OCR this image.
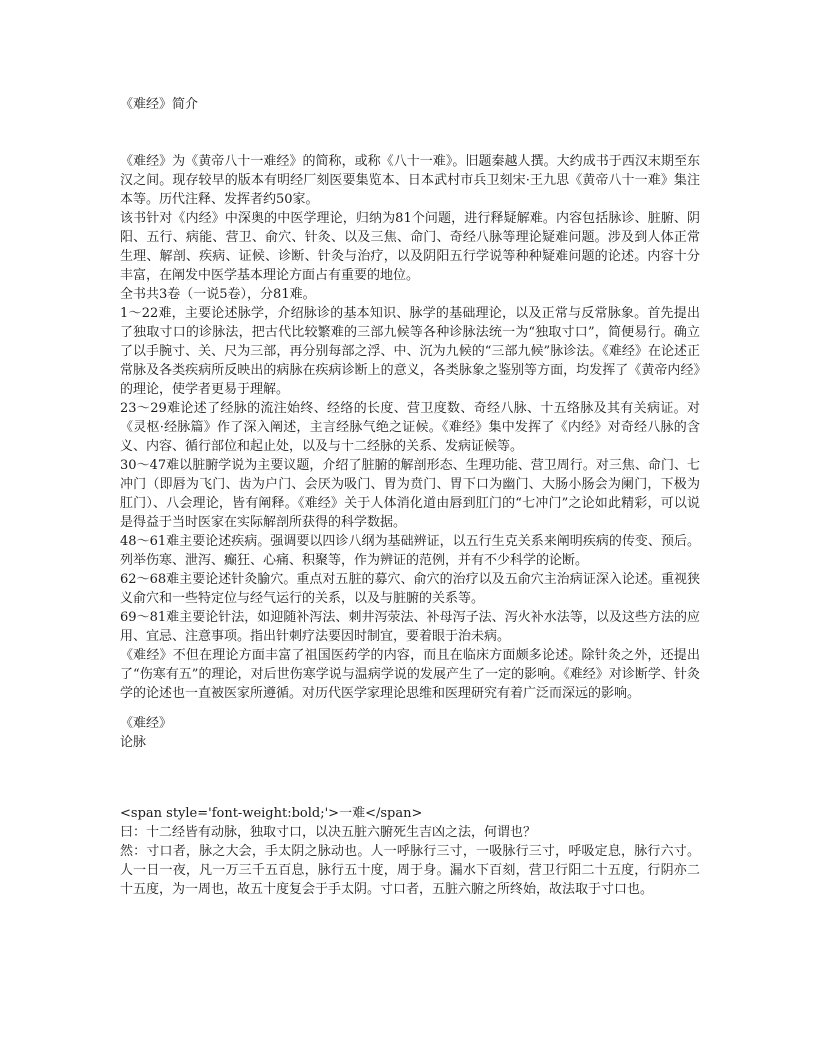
《难经》简介

《难经》为《黄帝八十一难经》的简称，或称《八十一难》。旧题秦越人撰。大约成书于西汉末期至东汉之间。现存较早的版本有明经厂刻医要集览本、日本武村市兵卫刻宋·王九思《黄帝八十一难》集注本等。历代注释、发挥者约50家。

该书针对《内经》中深奥的中医学理论，归纳为81个问题，进行释疑解难。内容包括脉诊、脏腑、阴阳、五行、病能、营卫、俞穴、针灸、以及三焦、命门、奇经八脉等理论疑难问题。涉及到人体正常生理、解剖、疾病、证候、诊断、针灸与治疗，以及阴阳五行学说等种种疑难问题的论述。内容十分丰富，在阐发中医学基本理论方面占有重要的地位。

全书共3卷（一说5卷），分81难。

1～22难，主要论述脉学，介绍脉诊的基本知识、脉学的基础理论，以及正常与反常脉象。首先提出了独取寸口的诊脉法，把古代比较繁难的三部九候等各种诊脉法统一为“独取寸口”，简便易行。确立了以手腕寸、关、尺为三部，再分别每部之浮、中、沉为九候的“三部九候”脉诊法。《难经》在论述正常脉及各类疾病所反映出的病脉在疾病诊断上的意义，各类脉象之鉴别等方面，均发挥了《黄帝内经》的理论，使学者更易于理解。

23～29难论述了经脉的流注始终、经络的长度、营卫度数、奇经八脉、十五络脉及其有关病证。对《灵枢·经脉篇》作了深入阐述，主言经脉气绝之证候。《难经》集中发挥了《内经》对奇经八脉的含义、内容、循行部位和起止处，以及与十二经脉的关系、发病证候等。

30～47难以脏腑学说为主要议题，介绍了脏腑的解剖形态、生理功能、营卫周行。对三焦、命门、七冲门（即唇为飞门、齿为户门、会厌为吸门、胃为贲门、胃下口为幽门、大肠小肠会为阑门，下极为肛门）、八会理论，皆有阐释。《难经》关于人体消化道由唇到肛门的“七冲门”之论如此精彩，可以说是得益于当时医家在实际解剖所获得的科学数据。

48～61难主要论述疾病。强调要以四诊八纲为基础辨证，以五行生克关系来阐明疾病的传变、预后。列举伤寒、泄泻、癫狂、心痛、积聚等，作为辨证的范例，并有不少科学的论断。

62～68难主要论述针灸腧穴。重点对五脏的募穴、俞穴的治疗以及五俞穴主治病证深入论述。重视狭义俞穴和一些特定位与经气运行的关系，以及与脏腑的关系等。

69～81难主要论针法，如迎随补泻法、刺井泻荥法、补母泻子法、泻火补水法等，以及这些方法的应用、宜忌、注意事项。指出针刺疗法要因时制宜，要着眼于治未病。

《难经》不但在理论方面丰富了祖国医药学的内容，而且在临床方面颇多论述。除针灸之外，还提出了“伤寒有五”的理论，对后世伤寒学说与温病学说的发展产生了一定的影响。《难经》对诊断学、针灸学的论述也一直被医家所遵循。对历代医学家理论思维和医理研究有着广泛而深远的影响。

《难经》

论脉

<span style='font-weight:bold;'>一难</span>

曰：十二经皆有动脉，独取寸口，以决五脏六腑死生吉凶之法，何谓也？

然：寸口者，脉之大会，手太阴之脉动也。人一呼脉行三寸，一吸脉行三寸，呼吸定息，脉行六寸。人一日一夜，凡一万三千五百息，脉行五十度，周于身。漏水下百刻，营卫行阳二十五度，行阴亦二十五度，为一周也，故五十度复会于手太阴。寸口者，五脏六腑之所终始，故法取于寸口也。
